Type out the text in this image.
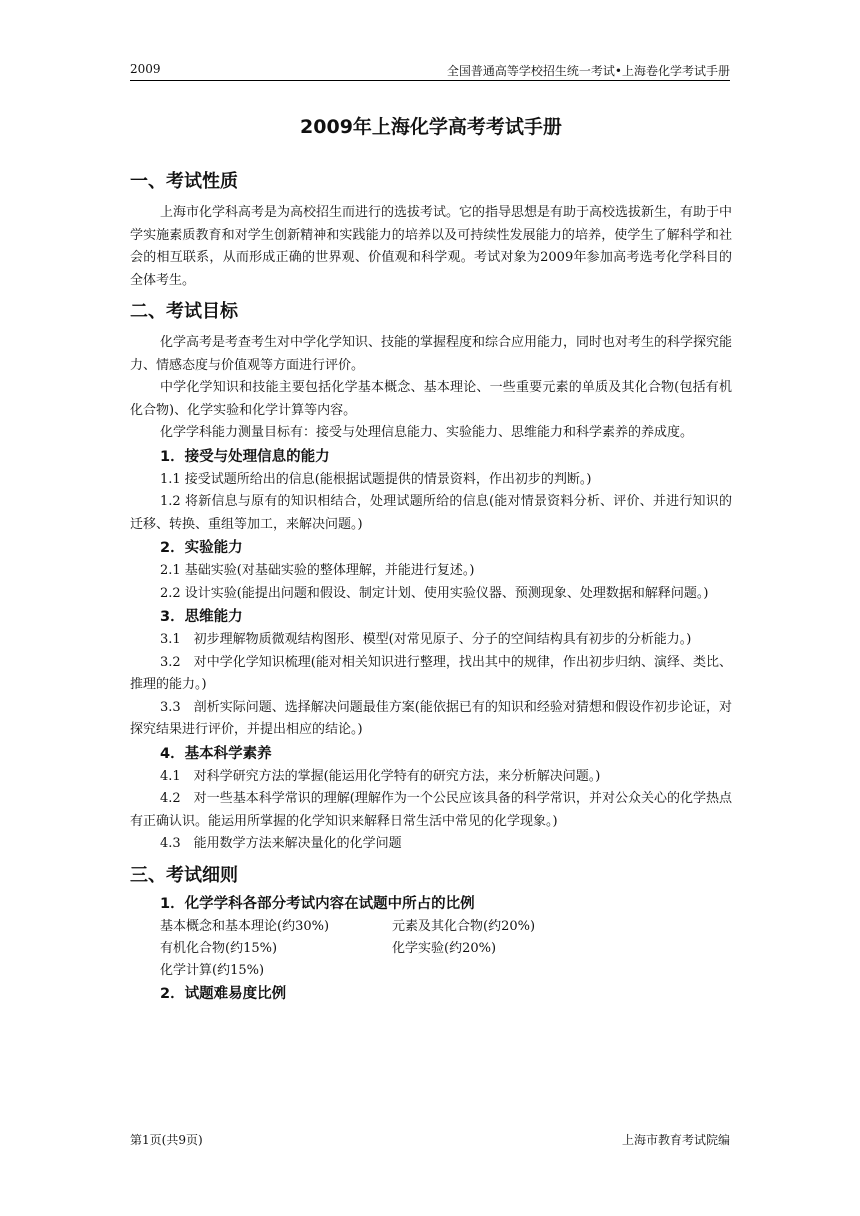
2009	全国普通高等学校招生统一考试•上海卷化学考试手册
2009年上海化学高考考试手册
一、考试性质

上海市化学科高考是为高校招生而进行的选拔考试。它的指导思想是有助于高校选拔新生，有助于中学实施素质教育和对学生创新精神和实践能力的培养以及可持续性发展能力的培养，使学生了解科学和社会的相互联系，从而形成正确的世界观、价值观和科学观。考试对象为2009年参加高考选考化学科目的全体考生。

二、考试目标

化学高考是考查考生对中学化学知识、技能的掌握程度和综合应用能力，同时也对考生的科学探究能力、情感态度与价值观等方面进行评价。

中学化学知识和技能主要包括化学基本概念、基本理论、一些重要元素的单质及其化合物(包括有机化合物)、化学实验和化学计算等内容。

化学学科能力测量目标有：接受与处理信息能力、实验能力、思维能力和科学素养的养成度。

1．接受与处理信息的能力

1.1 接受试题所给出的信息(能根据试题提供的情景资料，作出初步的判断。)

1.2 将新信息与原有的知识相结合，处理试题所给的信息(能对情景资料分析、评价、并进行知识的迁移、转换、重组等加工，来解决问题。)

2．实验能力

2.1 基础实验(对基础实验的整体理解，并能进行复述。)

2.2 设计实验(能提出问题和假设、制定计划、使用实验仪器、预测现象、处理数据和解释问题。)

3．思维能力

3.1　初步理解物质微观结构图形、模型(对常见原子、分子的空间结构具有初步的分析能力。)

3.2　对中学化学知识梳理(能对相关知识进行整理，找出其中的规律，作出初步归纳、演绎、类比、推理的能力。)

3.3　剖析实际问题、选择解决问题最佳方案(能依据已有的知识和经验对猜想和假设作初步论证，对探究结果进行评价，并提出相应的结论。)

4．基本科学素养

4.1　对科学研究方法的掌握(能运用化学特有的研究方法，来分析解决问题。)

4.2　对一些基本科学常识的理解(理解作为一个公民应该具备的科学常识，并对公众关心的化学热点有正确认识。能运用所掌握的化学知识来解释日常生活中常见的化学现象。)

4.3　能用数学方法来解决量化的化学问题

三、考试细则
1．化学学科各部分考试内容在试题中所占的比例
基本概念和基本理论(约30%)	元素及其化合物(约20%)
有机化合物(约15%)	化学实验(约20%)
化学计算(约15%)
2．试题难易度比例
第1页(共9页)	上海市教育考试院编
